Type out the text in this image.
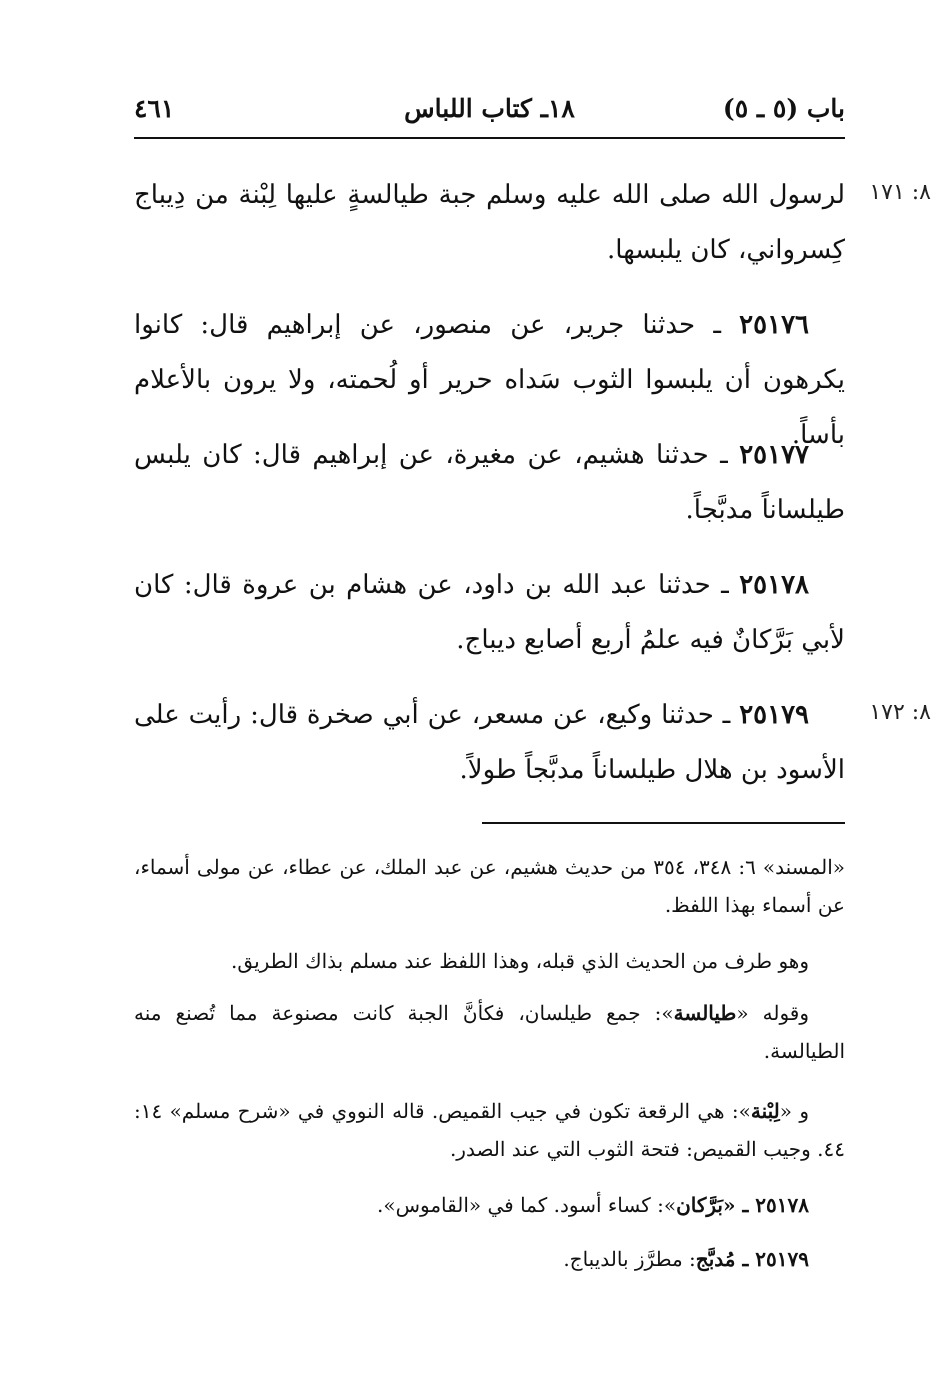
باب (٥ ـ ٥)
١٨ـ كتاب اللباس
٤٦١
٨: ١٧١
لرسول الله صلى الله عليه وسلم جبة طيالسةٍ عليها لِبْنة من دِيباج كِسرواني، كان يلبسها.
٢٥١٧٦ ـ حدثنا جرير، عن منصور، عن إبراهيم قال: كانوا يكرهون أن يلبسوا الثوب سَداه حرير أو لُحمته، ولا يرون بالأعلام بأساً.
٢٥١٧٧ ـ حدثنا هشيم، عن مغيرة، عن إبراهيم قال: كان يلبس طيلساناً مدبَّجاً.
٢٥١٧٨ ـ حدثنا عبد الله بن داود، عن هشام بن عروة قال: كان لأبي بَرَّكانٌ فيه علمُ أربع أصابع ديباج.
٨: ١٧٢
٢٥١٧٩ ـ حدثنا وكيع، عن مسعر، عن أبي صخرة قال: رأيت على الأسود بن هلال طيلساناً مدبَّجاً طولاً.
«المسند» ٦: ٣٤٨، ٣٥٤ من حديث هشيم، عن عبد الملك، عن عطاء، عن مولى أسماء، عن أسماء بهذا اللفظ.
وهو طرف من الحديث الذي قبله، وهذا اللفظ عند مسلم بذاك الطريق.
وقوله «طيالسة»: جمع طيلسان، فكأنَّ الجبة كانت مصنوعة مما تُصنع منه الطيالسة.
و «لِبْنة»: هي الرقعة تكون في جيب القميص. قاله النووي في «شرح مسلم» ١٤: ٤٤. وجيب القميص: فتحة الثوب التي عند الصدر.
٢٥١٧٨ ـ «بَرَّكان»: كساء أسود. كما في «القاموس».
٢٥١٧٩ ـ مُدبَّج: مطرَّز بالديباج.
